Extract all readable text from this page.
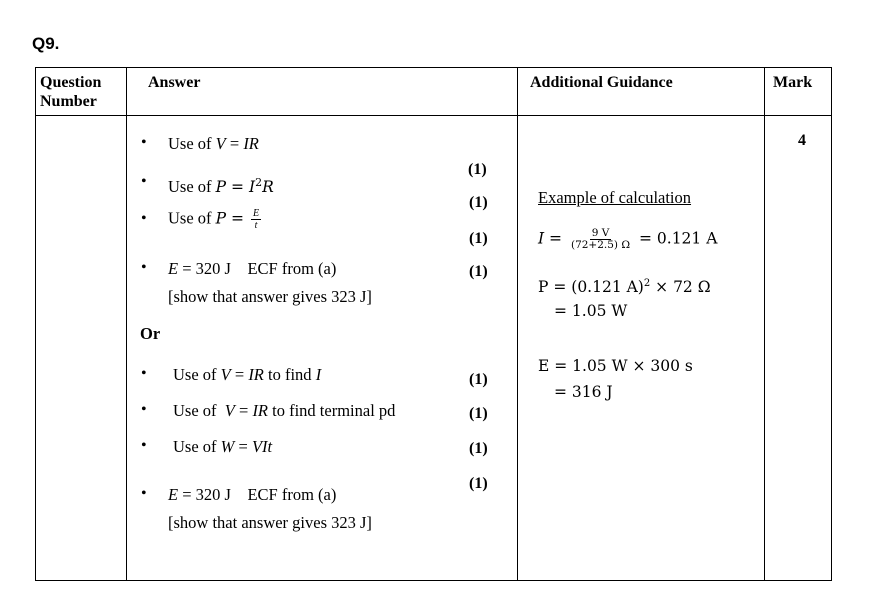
Q9.
Question Number
Answer	Additional Guidance	Mark
4
• Use of V = IR
• Use of $P = I^2R$
• Use of $P = \frac{E}{t}$
• E = 320 J    ECF from (a)
[show that answer gives 323 J]
Or
• Use of V = IR to find I
• Use of  V = IR to find terminal pd
• Use of W = VIt
• E = 320 J    ECF from (a)
[show that answer gives 323 J]
(1)
(1)
(1)
(1)
(1)
(1)
(1)
(1)
Example of calculation
$I = \frac{9 V}{(72+2.5) \Omega} = 0.121$ A
P = (0.121 A)$^2$ × 72 Ω
= 1.05 W
E = 1.05 W × 300 s
= 316 J
